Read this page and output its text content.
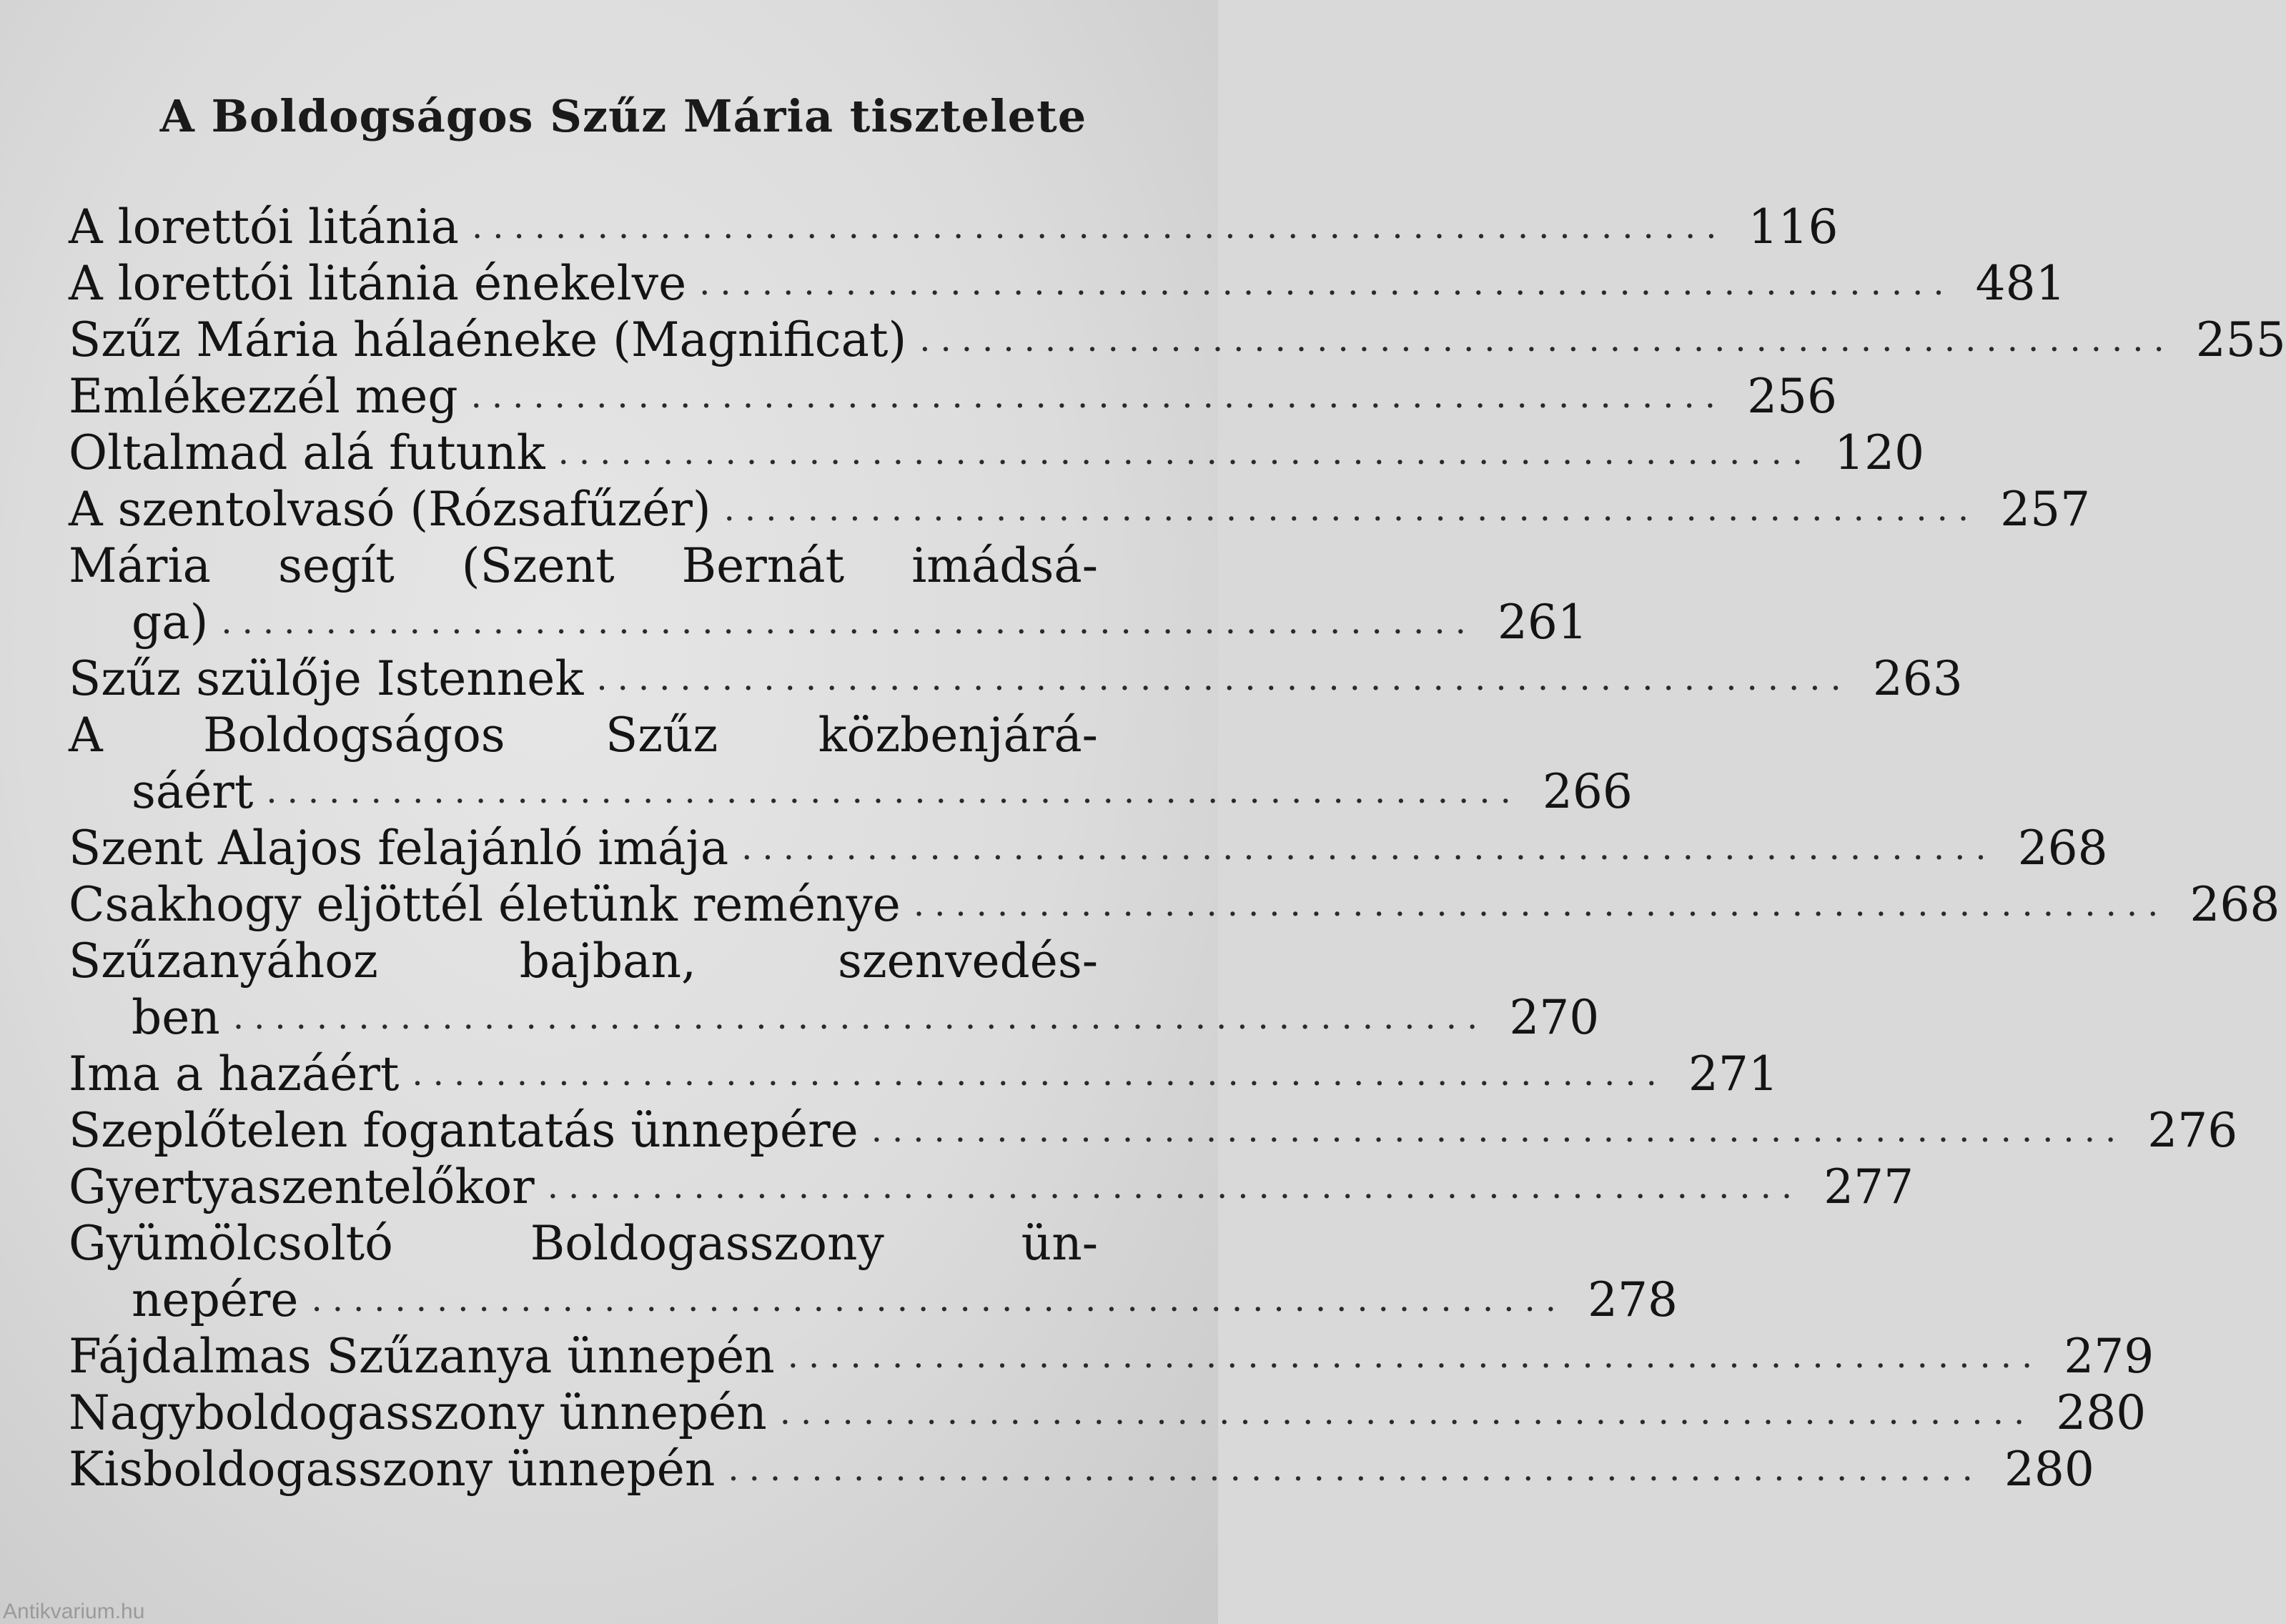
A Boldogságos Szűz Mária tisztelete
A lorettói litánia ............................................................ 116
A lorettói litánia énekelve ............................................................ 481
Szűz Mária hálaéneke (Magnificat) ............................................................ 255
Emlékezzél meg ............................................................ 256
Oltalmad alá futunk ............................................................ 120
A szentolvasó (Rózsafűzér) ............................................................ 257
Mária segít (Szent Bernát imádsá-
ga) ............................................................ 261
Szűz szülője Istennek ............................................................ 263
A Boldogságos Szűz közbenjárá-
sáért ............................................................ 266
Szent Alajos felajánló imája ............................................................ 268
Csakhogy eljöttél életünk reménye ............................................................ 268
Szűzanyához bajban, szenvedés-
ben ............................................................ 270
Ima a hazáért ............................................................ 271
Szeplőtelen fogantatás ünnepére ............................................................ 276
Gyertyaszentelőkor ............................................................ 277
Gyümölcsoltó Boldogasszony ün-
nepére ............................................................ 278
Fájdalmas Szűzanya ünnepén ............................................................ 279
Nagyboldogasszony ünnepén ............................................................ 280
Kisboldogasszony ünnepén ............................................................ 280
Antikvarium.hu
